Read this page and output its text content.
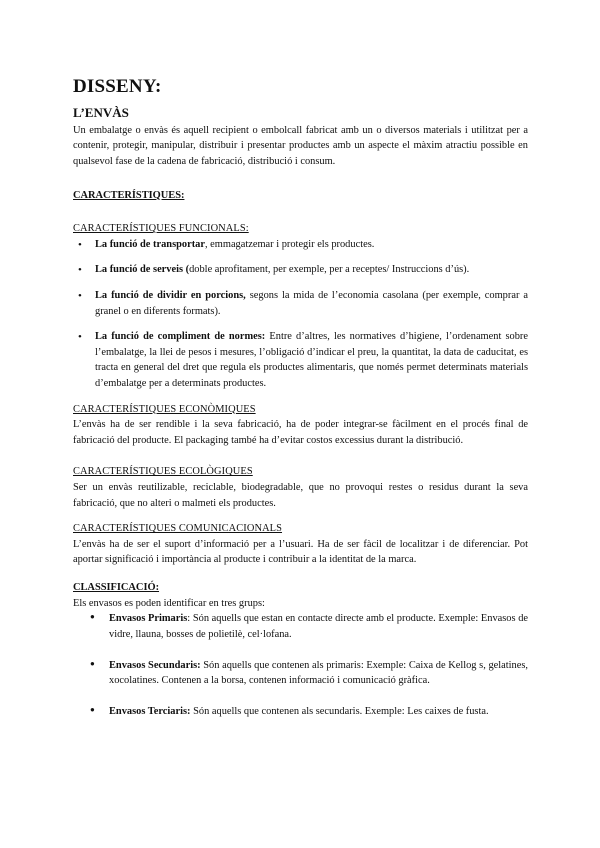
DISSENY:
L’ENVÀS

Un embalatge o envàs és aquell recipient o embolcall fabricat amb un o diversos materials i utilitzat per a contenir, protegir, manipular, distribuir i presentar productes amb un aspecte el màxim atractiu possible en qualsevol fase de la cadena de fabricació, distribució i consum.

CARACTERÍSTIQUES:

CARACTERÍSTIQUES FUNCIONALS:

• La funció de transportar, emmagatzemar i protegir els productes.
• La funció de serveis (doble aprofitament, per exemple, per a receptes/ Instruccions d’ús).
• La funció de dividir en porcions, segons la mida de l’economia casolana (per exemple, comprar a granel o en diferents formats).
• La funció de compliment de normes: Entre d’altres, les normatives d’higiene, l’ordenament sobre l’embalatge, la llei de pesos i mesures, l’obligació d’indicar el preu, la quantitat, la data de caducitat, es tracta en general del dret que regula els productes alimentaris, que només permet determinats materials d’embalatge per a determinats productes.

CARACTERÍSTIQUES ECONÒMIQUES

L’envàs ha de ser rendible i la seva fabricació, ha de poder integrar-se fàcilment en el procés final de fabricació del producte. El packaging també ha d’evitar costos excessius durant la distribució.

CARACTERÍSTIQUES ECOLÒGIQUES

Ser un envàs reutilizable, reciclable, biodegradable, que no provoqui restes o residus durant la seva fabricació, que no alteri o malmeti els productes.

CARACTERÍSTIQUES COMUNICACIONALS

L’envàs ha de ser el suport d’informació per a l’usuari. Ha de ser fàcil de localitzar i de diferenciar. Pot aportar significació i importància al producte i contribuir a la identitat de la marca.

CLASSIFICACIÓ:

Els envasos es poden identificar en tres grups:

● Envasos Primaris: Són aquells que estan en contacte directe amb el producte. Exemple: Envasos de vidre, llauna, bosses de polietilè, cel·lofana.
● Envasos Secundaris: Són aquells que contenen als primaris: Exemple: Caixa de Kellog s, gelatines, xocolatines. Contenen a la borsa, contenen informació i comunicació gràfica.
● Envasos Terciaris: Són aquells que contenen als secundaris. Exemple: Les caixes de fusta.
